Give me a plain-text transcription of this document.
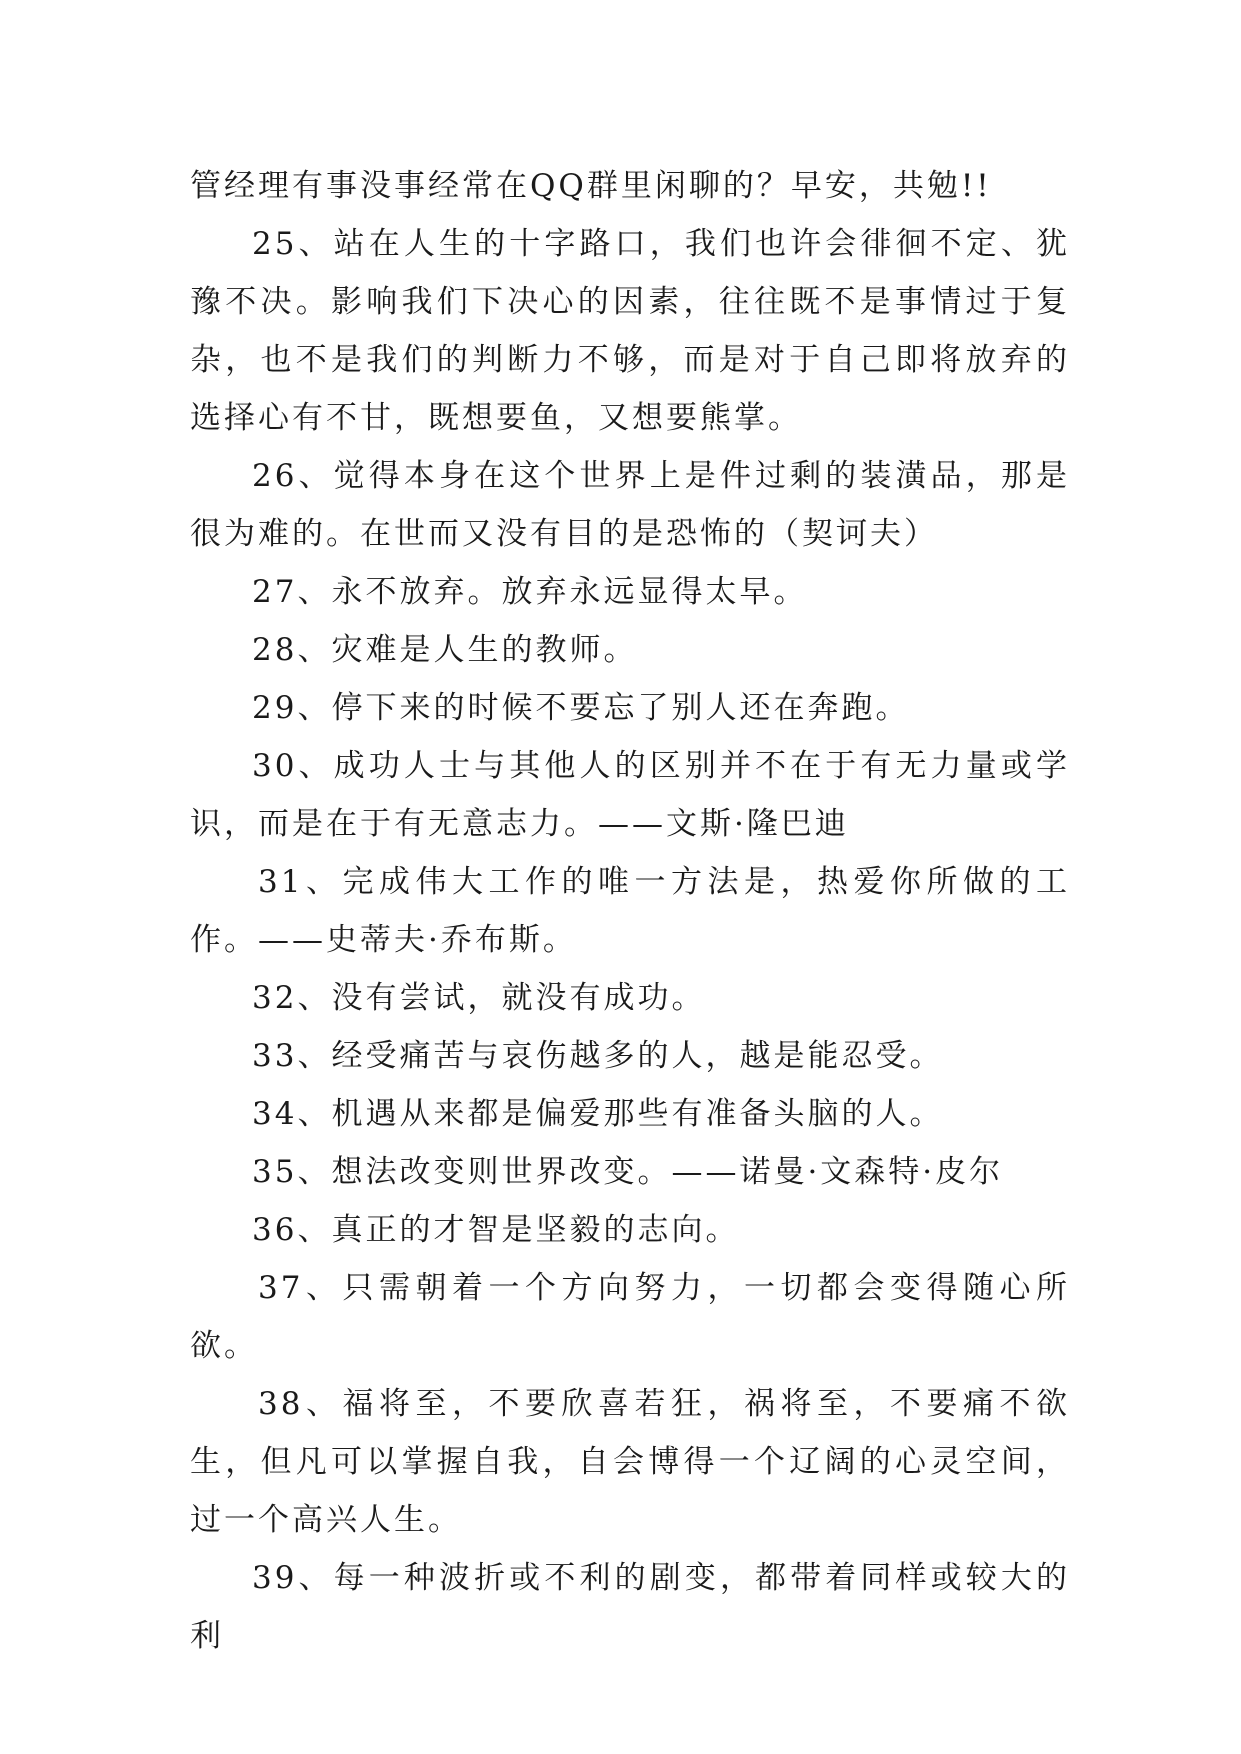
管经理有事没事经常在QQ群里闲聊的？早安，共勉!!

25、站在人生的十字路口，我们也许会徘徊不定、犹豫不决。影响我们下决心的因素，往往既不是事情过于复杂，也不是我们的判断力不够，而是对于自己即将放弃的选择心有不甘，既想要鱼，又想要熊掌。

26、觉得本身在这个世界上是件过剩的装潢品，那是很为难的。在世而又没有目的是恐怖的（契诃夫）

27、永不放弃。放弃永远显得太早。

28、灾难是人生的教师。

29、停下来的时候不要忘了别人还在奔跑。

30、成功人士与其他人的区别并不在于有无力量或学识，而是在于有无意志力。——文斯·隆巴迪

31、完成伟大工作的唯一方法是，热爱你所做的工作。——史蒂夫·乔布斯。

32、没有尝试，就没有成功。

33、经受痛苦与哀伤越多的人，越是能忍受。

34、机遇从来都是偏爱那些有准备头脑的人。

35、想法改变则世界改变。——诺曼·文森特·皮尔

36、真正的才智是坚毅的志向。

37、只需朝着一个方向努力，一切都会变得随心所欲。

38、福将至，不要欣喜若狂，祸将至，不要痛不欲生，但凡可以掌握自我，自会博得一个辽阔的心灵空间，过一个高兴人生。

39、每一种波折或不利的剧变，都带着同样或较大的利
